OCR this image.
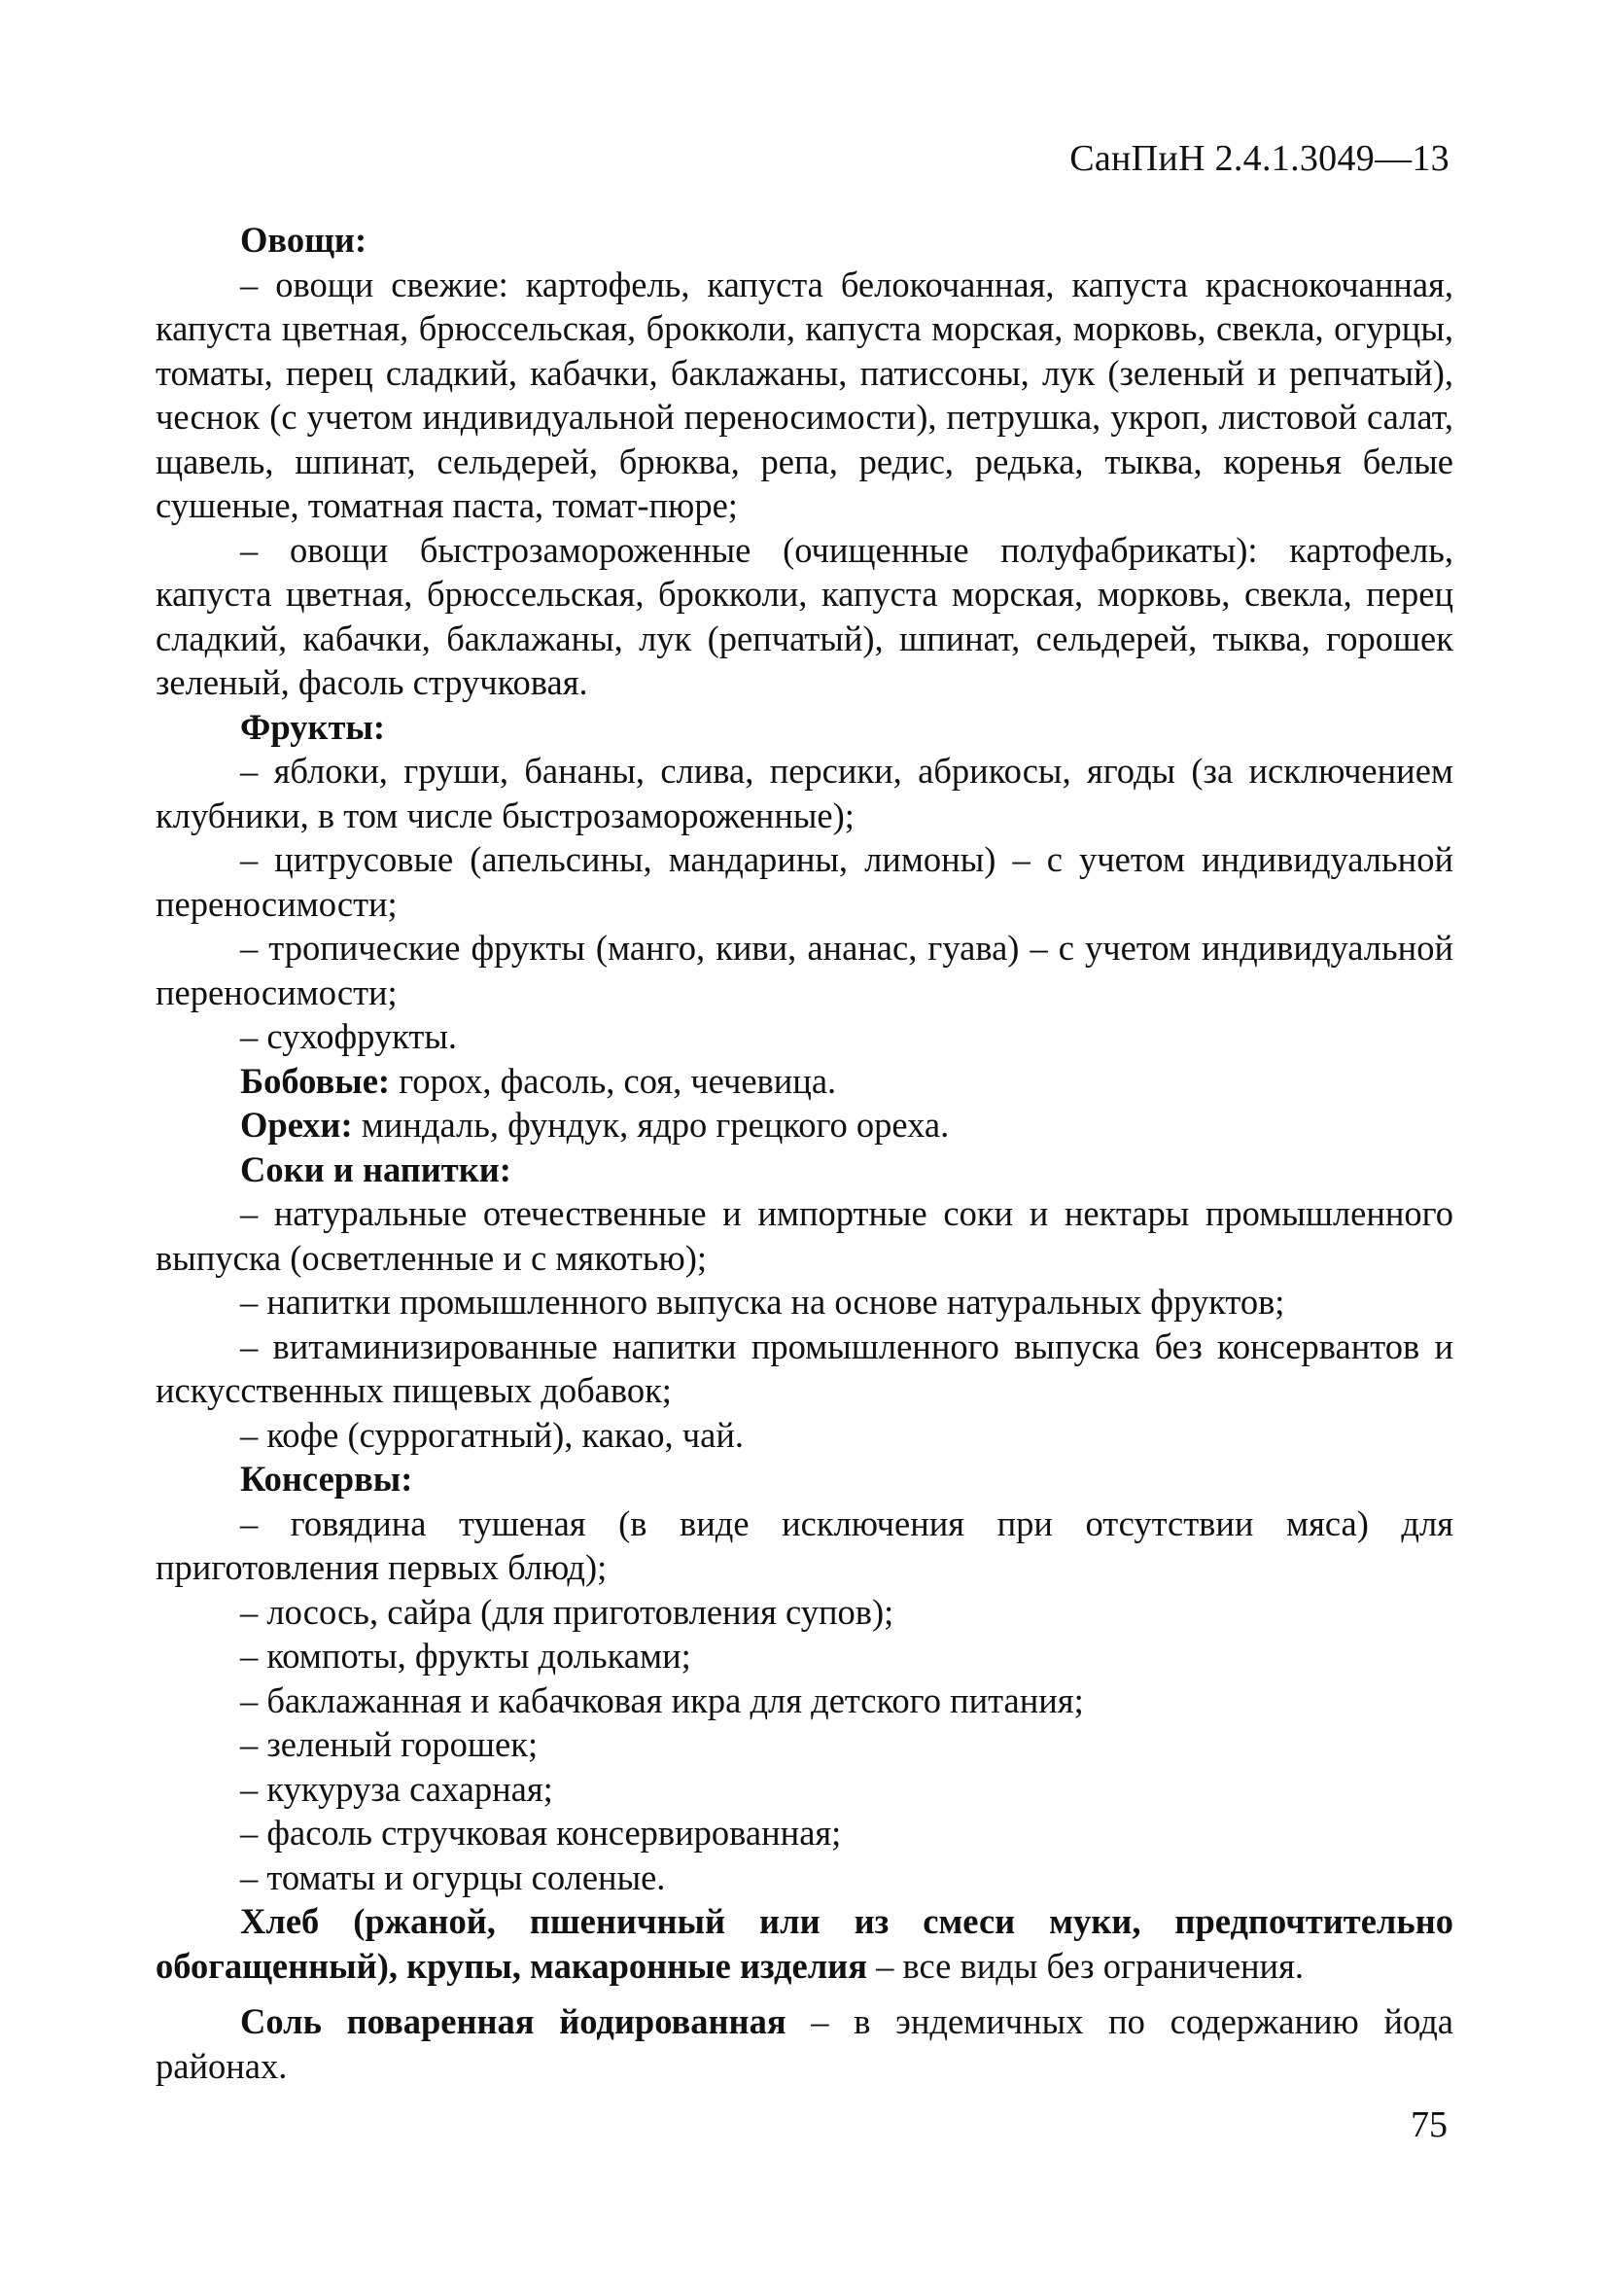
СанПиН 2.4.1.3049—13

Овощи:

– овощи свежие: картофель, капуста белокочанная, капуста краснокочанная, капуста цветная, брюссельская, брокколи, капуста морская, морковь, свекла, огурцы, томаты, перец сладкий, кабачки, баклажаны, патиссоны, лук (зеленый и репчатый), чеснок (с учетом индивидуальной переносимости), петрушка, укроп, листовой салат, щавель, шпинат, сельдерей, брюква, репа, редис, редька, тыква, коренья белые сушеные, томатная паста, томат-пюре;

– овощи быстрозамороженные (очищенные полуфабрикаты): картофель, капуста цветная, брюссельская, брокколи, капуста морская, морковь, свекла, перец сладкий, кабачки, баклажаны, лук (репчатый), шпинат, сельдерей, тыква, горошек зеленый, фасоль стручковая.

Фрукты:

– яблоки, груши, бананы, слива, персики, абрикосы, ягоды (за исключением клубники, в том числе быстрозамороженные);

– цитрусовые (апельсины, мандарины, лимоны) – с учетом индивидуальной переносимости;

– тропические фрукты (манго, киви, ананас, гуава) – с учетом индивидуальной переносимости;

– сухофрукты.

Бобовые: горох, фасоль, соя, чечевица.

Орехи: миндаль, фундук, ядро грецкого ореха.

Соки и напитки:

– натуральные отечественные и импортные соки и нектары промышленного выпуска (осветленные и с мякотью);

– напитки промышленного выпуска на основе натуральных фруктов;

– витаминизированные напитки промышленного выпуска без консервантов и искусственных пищевых добавок;

– кофе (суррогатный), какао, чай.

Консервы:

– говядина тушеная (в виде исключения при отсутствии мяса) для приготовления первых блюд);

– лосось, сайра (для приготовления супов);

– компоты, фрукты дольками;

– баклажанная и кабачковая икра для детского питания;

– зеленый горошек;

– кукуруза сахарная;

– фасоль стручковая консервированная;

– томаты и огурцы соленые.

Хлеб (ржаной, пшеничный или из смеси муки, предпочтительно обогащенный), крупы, макаронные изделия – все виды без ограничения.

Соль поваренная йодированная – в эндемичных по содержанию йода районах.

75
